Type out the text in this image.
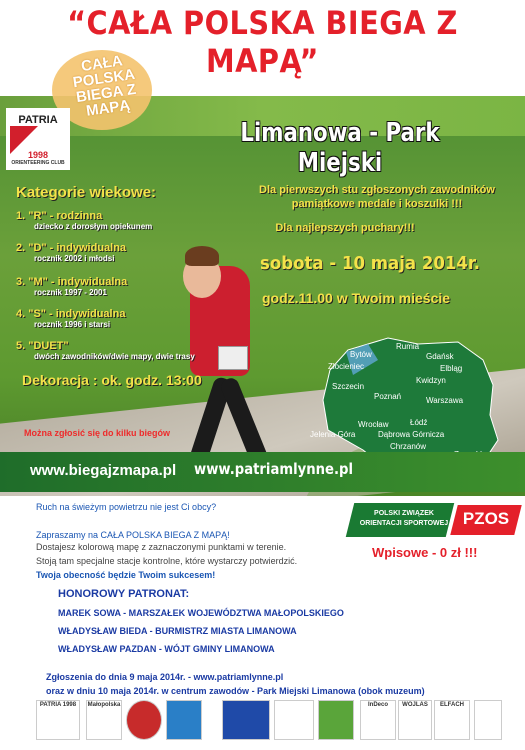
“CAŁA POLSKA BIEGA Z MAPĄ”
CAŁA POLSKA BIEGA Z MAPĄ
PATRIA
1998
ORIENTEERING CLUB
Limanowa - Park Miejski
Kategorie wiekowe:
1. "R" - rodzinna
dziecko z dorosłym opiekunem
2. "D" - indywidualna
rocznik 2002 i młodsi
3. "M" - indywidualna
rocznik 1997 - 2001
4. "S" - indywidualna
rocznik 1996 i starsi
5. "DUET"
dwóch zawodników/dwie mapy, dwie trasy
Dekoracja : ok. godz. 13:00
Można zgłosić się do kilku biegów
Dla pierwszych stu zgłoszonych zawodników pamiątkowe medale i koszulki !!!
Dla najlepszych puchary!!!
sobota - 10 maja 2014r.
godz.11.00 w Twoim mieście
Rumia
Bytów	Gdańsk
Złocieniec	Elbląg
Kwidzyn
Szczecin
Poznań	Warszawa
Łódź
Wrocław
Jelenia Góra	Dąbrowa Górnicza
Chrzanów
www.biegajzmapa.pl www.patriamlynne.pl
Ruch na świeżym powietrzu nie jest Ci obcy?
Zapraszamy na CAŁA POLSKA BIEGA Z MAPĄ!
Dostajesz kolorową mapę z zaznaczonymi punktami w terenie.
Stoją tam specjalne stacje kontrolne, które wystarczy potwierdzić.
Twoja obecność będzie Twoim sukcesem!
POLSKI ZWIĄZEK
ORIENTACJI SPORTOWEJ PZOS
Wpisowe - 0 zł !!!
HONOROWY PATRONAT:
MAREK SOWA - MARSZAŁEK WOJEWÓDZTWA MAŁOPOLSKIEGO
WŁADYSŁAW BIEDA - BURMISTRZ MIASTA LIMANOWA
WŁADYSŁAW PAZDAN - WÓJT GMINY LIMANOWA
Zgłoszenia do dnia 9 maja 2014r. - www.patriamlynne.pl
oraz w dniu 10 maja 2014r. w centrum zawodów - Park Miejski Limanowa (obok muzeum)
PATRIA 1998	Małopolska	InDeco	WOJLAS	ELFACH
